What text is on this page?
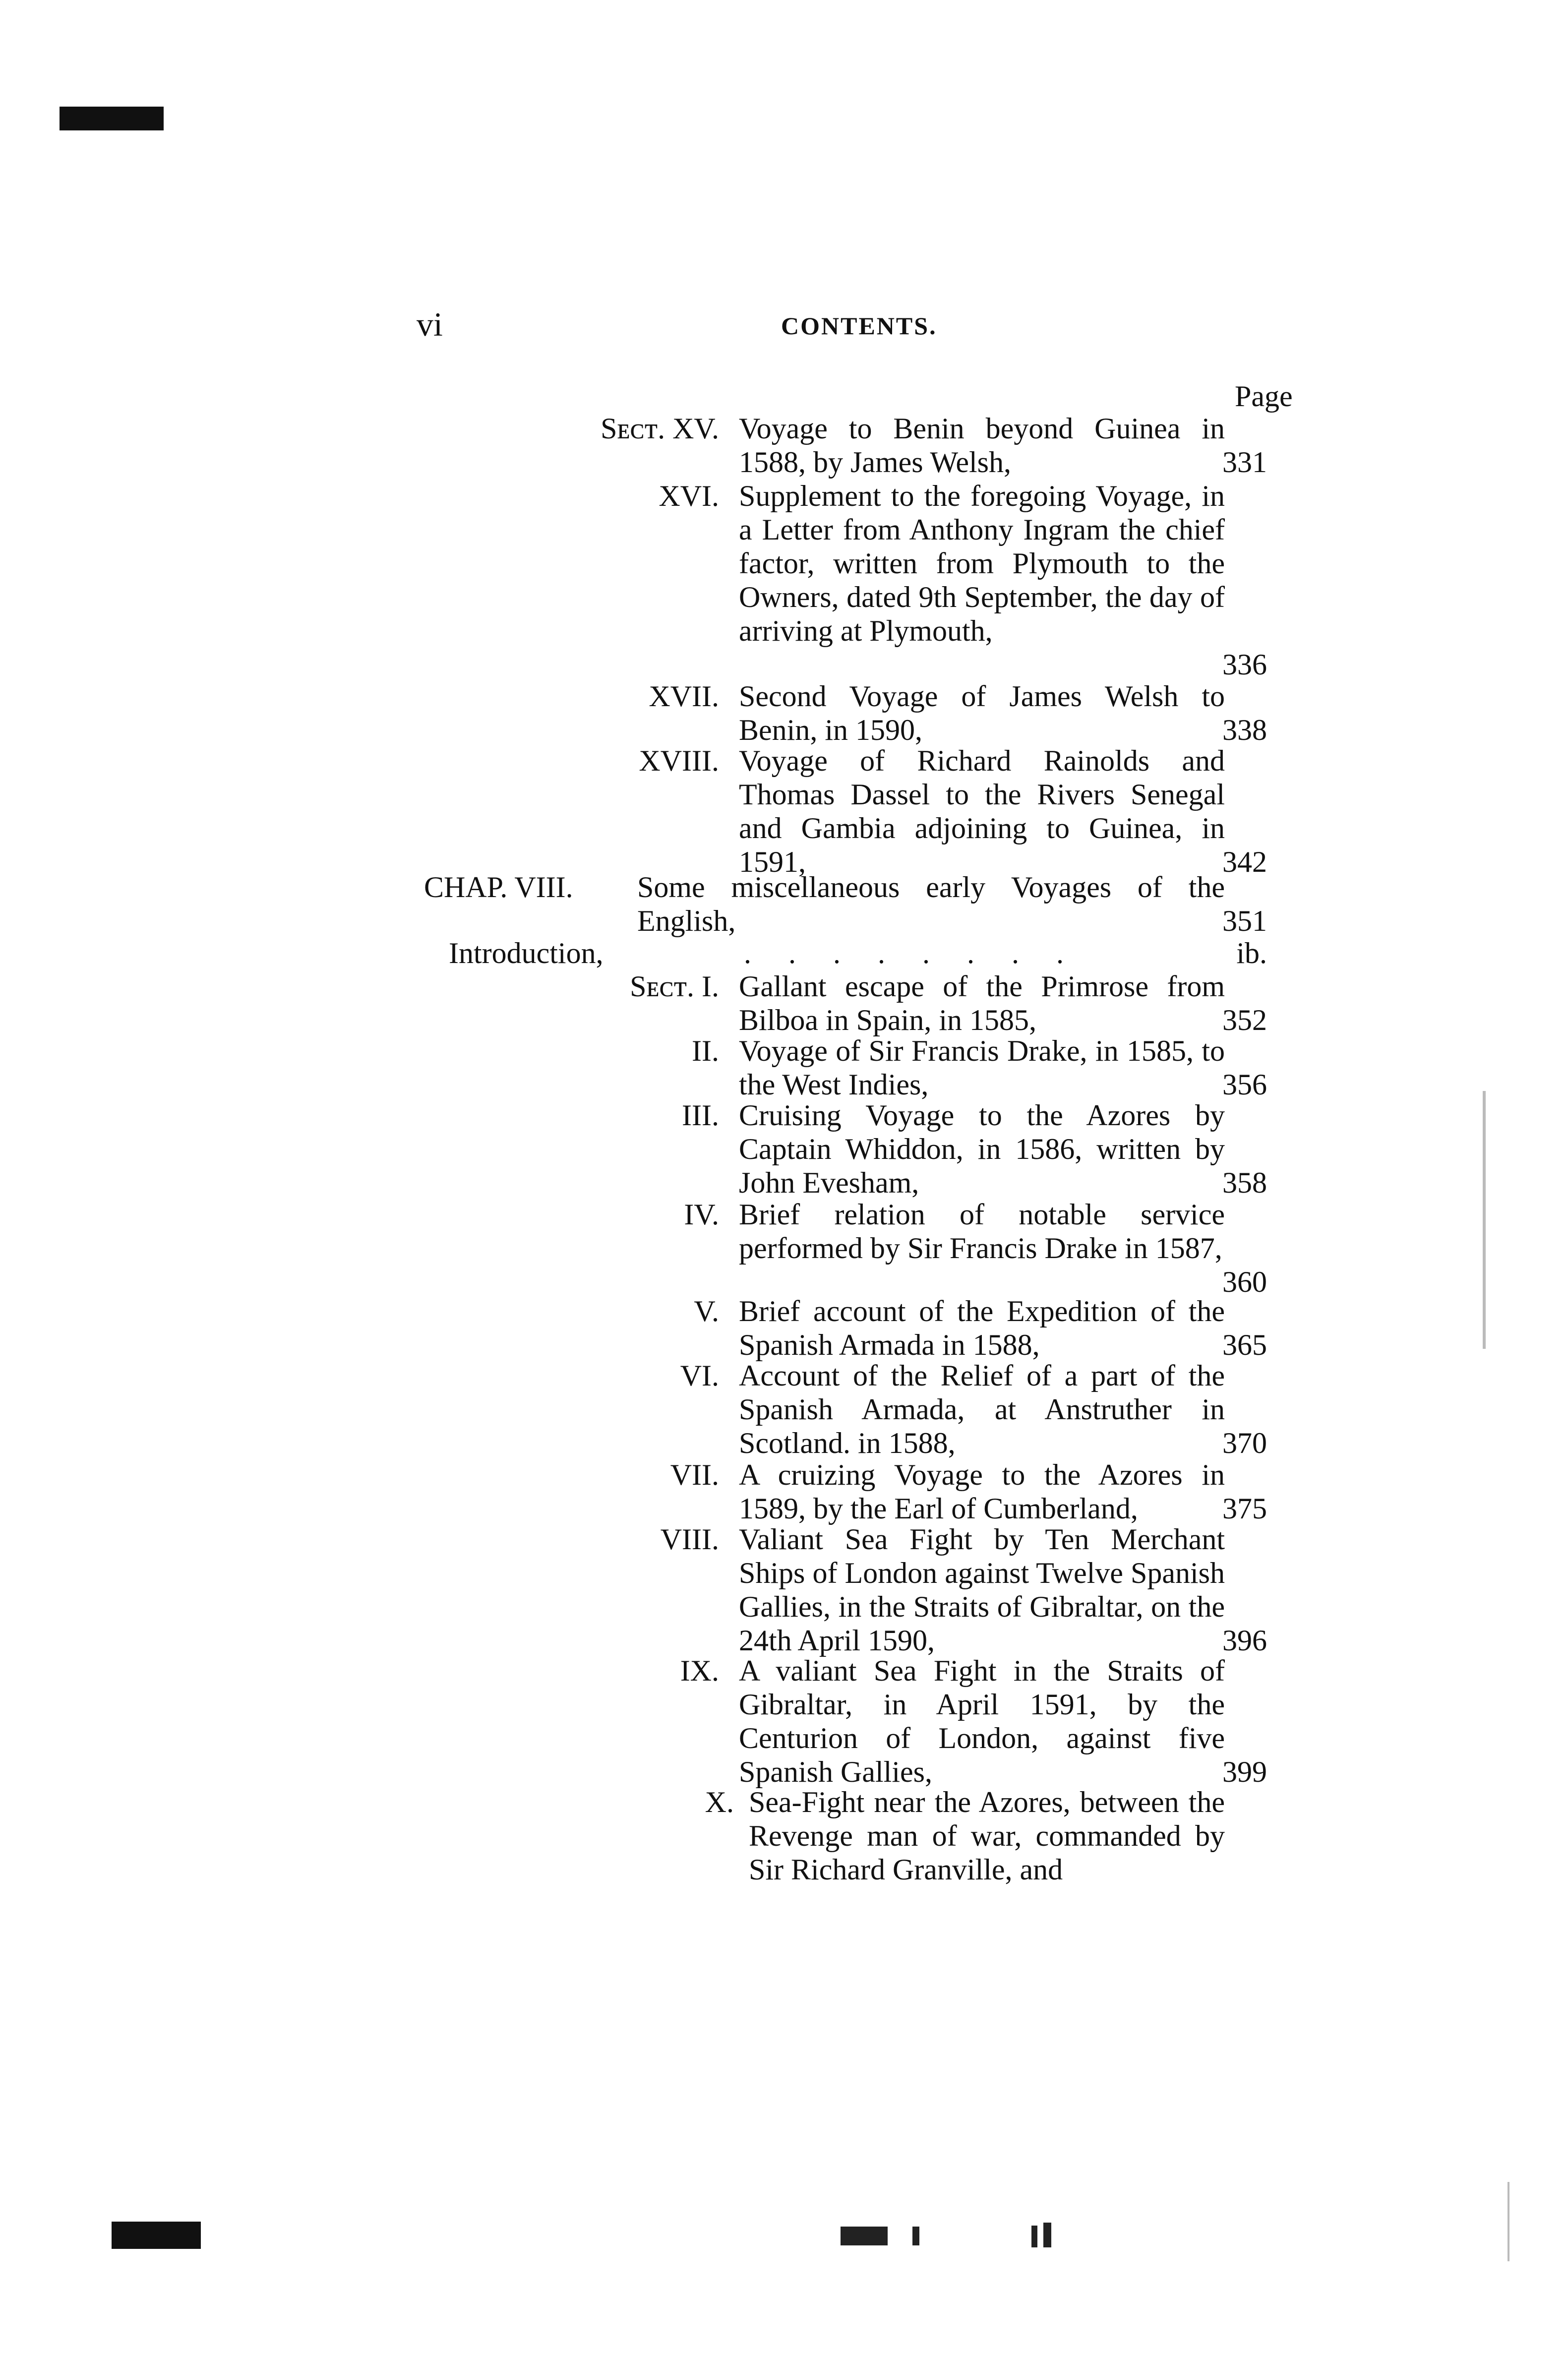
vi	CONTENTS.
Page
Sᴇᴄᴛ. XV. Voyage to Benin beyond Guinea in 1588, by James Welsh,	331
XVI. Supplement to the foregoing Voyage, in a Letter from Anthony Ingram the chief factor, written from Plymouth to the Owners, dated 9th September, the day of arriving at Plymouth,
336
XVII. Second Voyage of James Welsh to Benin, in 1590,	338
XVIII. Voyage of Richard Rainolds and Thomas Dassel to the Rivers Senegal and Gambia adjoining to Guinea, in 1591,	342
CHAP. VIII. Some miscellaneous early Voyages of the English,	351
Introduction,	. . . . . . . .	ib.
Sᴇᴄᴛ. I. Gallant escape of the Primrose from Bilboa in Spain, in 1585,	352
II. Voyage of Sir Francis Drake, in 1585, to the West Indies,	356
III. Cruising Voyage to the Azores by Captain Whiddon, in 1586, written by John Evesham,	358
IV. Brief relation of notable service performed by Sir Francis Drake in 1587,
360
V. Brief account of the Expedition of the Spanish Armada in 1588,	365
VI. Account of the Relief of a part of the Spanish Armada, at Anstruther in Scotland. in 1588,	370
VII. A cruizing Voyage to the Azores in 1589, by the Earl of Cumberland,	375
VIII. Valiant Sea Fight by Ten Merchant Ships of London against Twelve Spanish Gallies, in the Straits of Gibraltar, on the 24th April 1590,	396
IX. A valiant Sea Fight in the Straits of Gibraltar, in April 1591, by the Centurion of London, against five Spanish Gallies,	399
X. Sea-Fight near the Azores, between the Revenge man of war, commanded by Sir Richard Granville, and
